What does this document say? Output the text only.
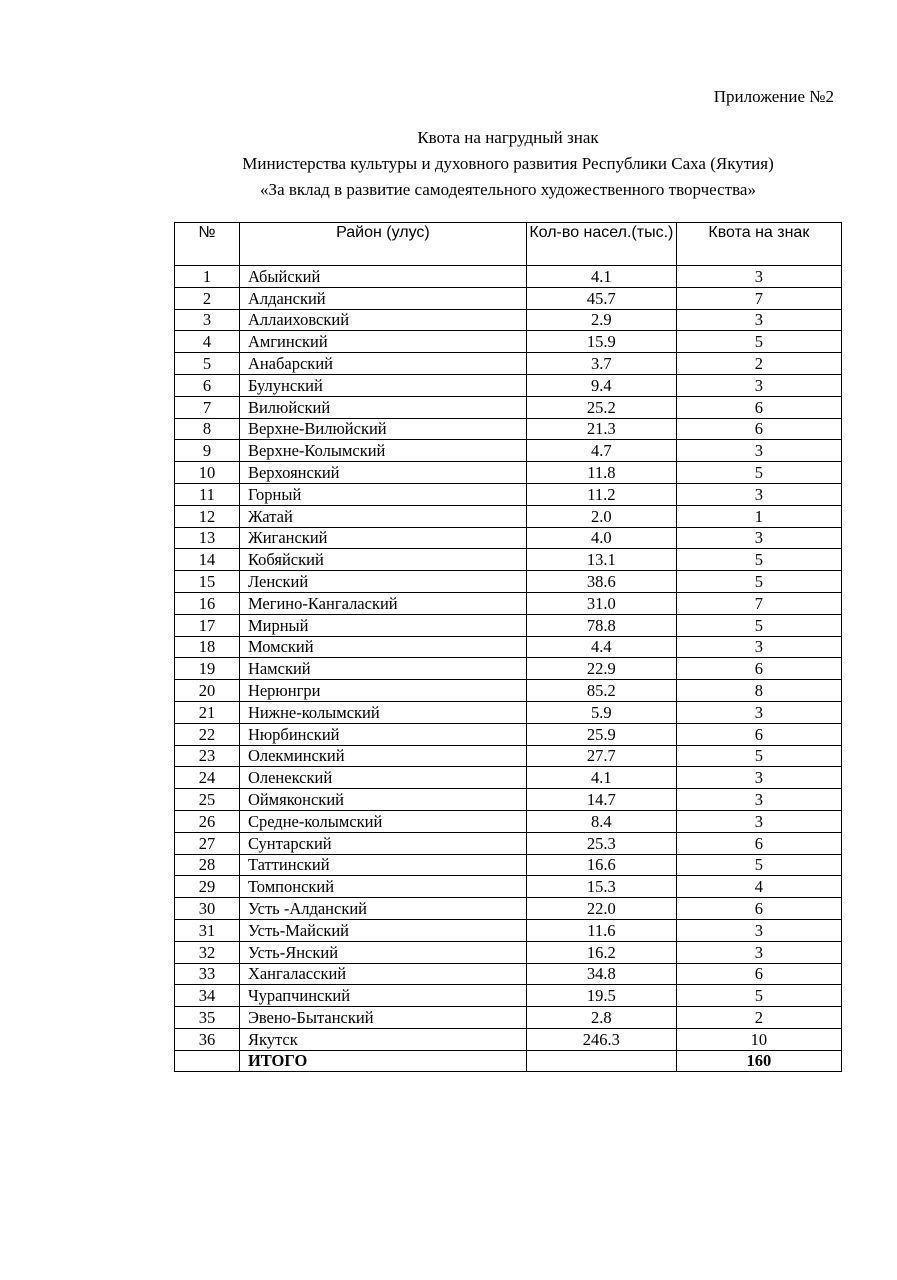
Приложение №2
Квота на нагрудный знак
Министерства культуры и духовного развития Республики Саха (Якутия)
«За вклад в развитие самодеятельного художественного творчества»
№	Район (улус)	Кол-во насел.(тыс.)	Квота на знак
1	Абыйский	4.1	3
2	Алданский	45.7	7
3	Аллаиховский	2.9	3
4	Амгинский	15.9	5
5	Анабарский	3.7	2
6	Булунский	9.4	3
7	Вилюйский	25.2	6
8	Верхне-Вилюйский	21.3	6
9	Верхне-Колымский	4.7	3
10	Верхоянский	11.8	5
11	Горный	11.2	3
12	Жатай	2.0	1
13	Жиганский	4.0	3
14	Кобяйский	13.1	5
15	Ленский	38.6	5
16	Мегино-Кангалаский	31.0	7
17	Мирный	78.8	5
18	Момский	4.4	3
19	Намский	22.9	6
20	Нерюнгри	85.2	8
21	Нижне-колымский	5.9	3
22	Нюрбинский	25.9	6
23	Олекминский	27.7	5
24	Оленекский	4.1	3
25	Оймяконский	14.7	3
26	Средне-колымский	8.4	3
27	Сунтарский	25.3	6
28	Таттинский	16.6	5
29	Томпонский	15.3	4
30	Усть -Алданский	22.0	6
31	Усть-Майский	11.6	3
32	Усть-Янский	16.2	3
33	Хангаласский	34.8	6
34	Чурапчинский	19.5	5
35	Эвено-Бытанский	2.8	2
36	Якутск	246.3	10
	ИТОГО		160
